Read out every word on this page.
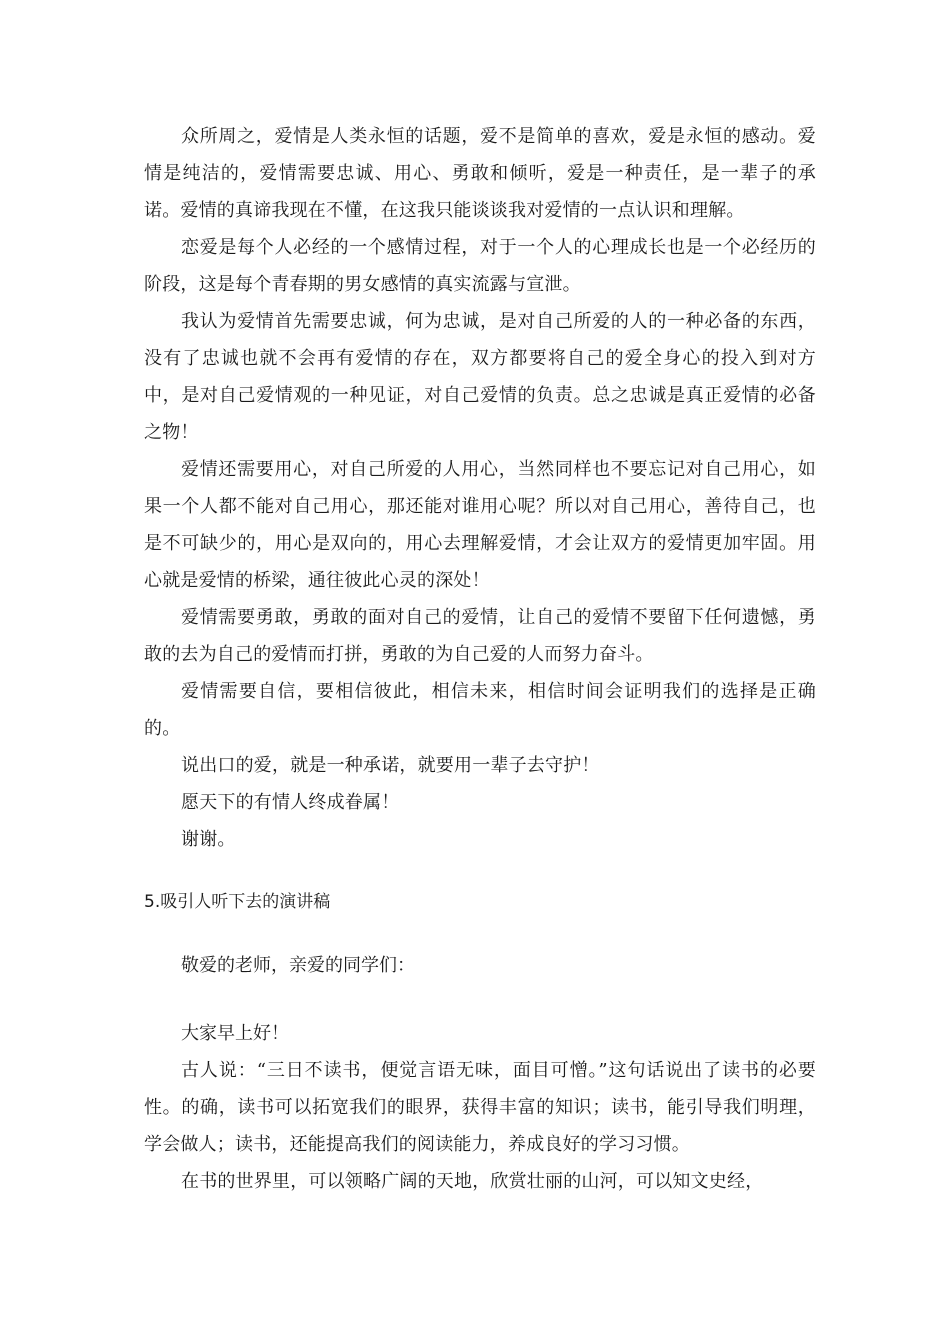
众所周之，爱情是人类永恒的话题，爱不是简单的喜欢，爱是永恒的感动。爱情是纯洁的，爱情需要忠诚、用心、勇敢和倾听，爱是一种责任，是一辈子的承诺。爱情的真谛我现在不懂，在这我只能谈谈我对爱情的一点认识和理解。

恋爱是每个人必经的一个感情过程，对于一个人的心理成长也是一个必经历的阶段，这是每个青春期的男女感情的真实流露与宣泄。

我认为爱情首先需要忠诚，何为忠诚，是对自己所爱的人的一种必备的东西，没有了忠诚也就不会再有爱情的存在，双方都要将自己的爱全身心的投入到对方中，是对自己爱情观的一种见证，对自己爱情的负责。总之忠诚是真正爱情的必备之物！

爱情还需要用心，对自己所爱的人用心，当然同样也不要忘记对自己用心，如果一个人都不能对自己用心，那还能对谁用心呢？所以对自己用心，善待自己，也是不可缺少的，用心是双向的，用心去理解爱情，才会让双方的爱情更加牢固。用心就是爱情的桥梁，通往彼此心灵的深处！

爱情需要勇敢，勇敢的面对自己的爱情，让自己的爱情不要留下任何遗憾，勇敢的去为自己的爱情而打拼，勇敢的为自己爱的人而努力奋斗。

爱情需要自信，要相信彼此，相信未来，相信时间会证明我们的选择是正确的。

说出口的爱，就是一种承诺，就要用一辈子去守护！

愿天下的有情人终成眷属！

谢谢。

5.吸引人听下去的演讲稿

敬爱的老师，亲爱的同学们：

大家早上好！

古人说：“三日不读书，便觉言语无味，面目可憎。”这句话说出了读书的必要性。的确，读书可以拓宽我们的眼界，获得丰富的知识；读书，能引导我们明理，学会做人；读书，还能提高我们的阅读能力，养成良好的学习习惯。

在书的世界里，可以领略广阔的天地，欣赏壮丽的山河，可以知文史经，
